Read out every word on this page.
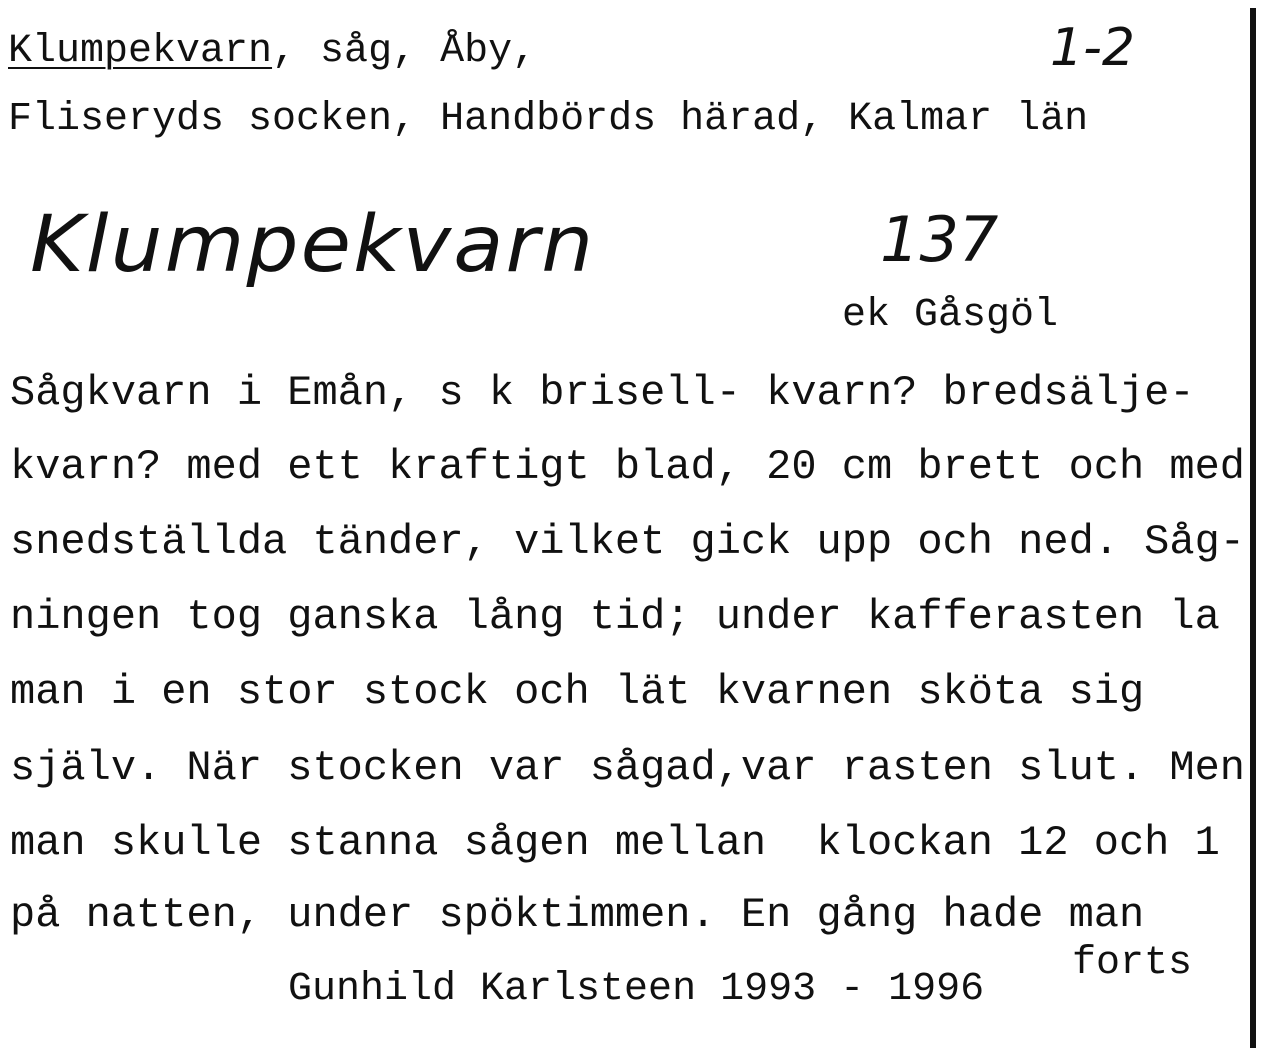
Klumpekvarn, såg, Åby,	1-2
Fliseryds socken, Handbörds härad, Kalmar län
Klumpekvarn	137
ek Gåsgöl
Sågkvarn i Emån, s k brisell- kvarn? bredsälje-
kvarn? med ett kraftigt blad, 20 cm brett och med
snedställda tänder, vilket gick upp och ned. Såg-
ningen tog ganska lång tid; under kafferasten la
man i en stor stock och lät kvarnen sköta sig
själv. När stocken var sågad,var rasten slut. Men
man skulle stanna sågen mellan  klockan 12 och 1
på natten, under spöktimmen. En gång hade man
forts
Gunhild Karlsteen 1993 - 1996
